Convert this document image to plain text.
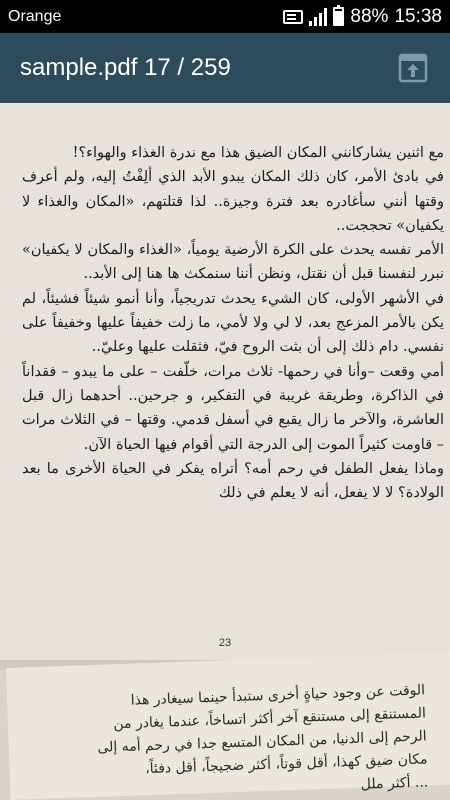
Orange	88% 15:38
sample.pdf 17 / 259

مع اثنين يشاركانني المكان الضيق هذا مع ندرة الغذاء والهواء؟!

في بادئ الأمر، كان ذلك المكان يبدو الأبد الذي ألِفْتُ إليه، ولم أعرف وقتها أنني سأغادره بعد فترة وجيزة.. لذا قتلتهم، «المكان والغذاء لا يكفيان» تحججت..

الأمر نفسه يحدث على الكرة الأرضية يومياً، «الغذاء والمكان لا يكفيان» نبرر لنفسنا قبل أن نقتل، ونظن أننا سنمكث ها هنا إلى الأبد..

في الأشهر الأولى، كان الشيء يحدث تدريجياً، وأنا أنمو شيئاً فشيئاً، لم يكن بالأمر المزعج بعد، لا لي ولا لأمي، ما زلت خفيفاً عليها وخفيفاً على نفسي. دام ذلك إلى أن بثت الروح فيّ، فثقلت عليها وعليّ..

أمي وقعت –وأنا في رحمها- ثلاث مرات، خلّفت – على ما يبدو – فقداناً في الذاكرة، وطريقة غريبة في التفكير، و جرحين.. أحدهما زال قبل العاشرة، والآخر ما زال يقبع في أسفل قدمي. وقتها – في الثلاث مرات – قاومت كثيراً الموت إلى الدرجة التي أقوام فيها الحياة الآن.

وماذا يفعل الطفل في رحم أمه؟ أتراه يفكر في الحياة الأخرى ما بعد الولادة؟ لا لا يفعل، أنه لا يعلم في ذلك

23
الوقت عن وجود حياةٍ أخرى ستبدأ حينما سيغادر هذا
المستنقع إلى مستنقع آخر أكثر اتساخاً، عندما يغادر من
الرحم إلى الدنيا، من المكان المتسع جدا في رحم أمه إلى
مكان ضيق كهذا، أقل قوتاً، أكثر ضجيجاً، أقل دفئاً،
... أكثر ملل
